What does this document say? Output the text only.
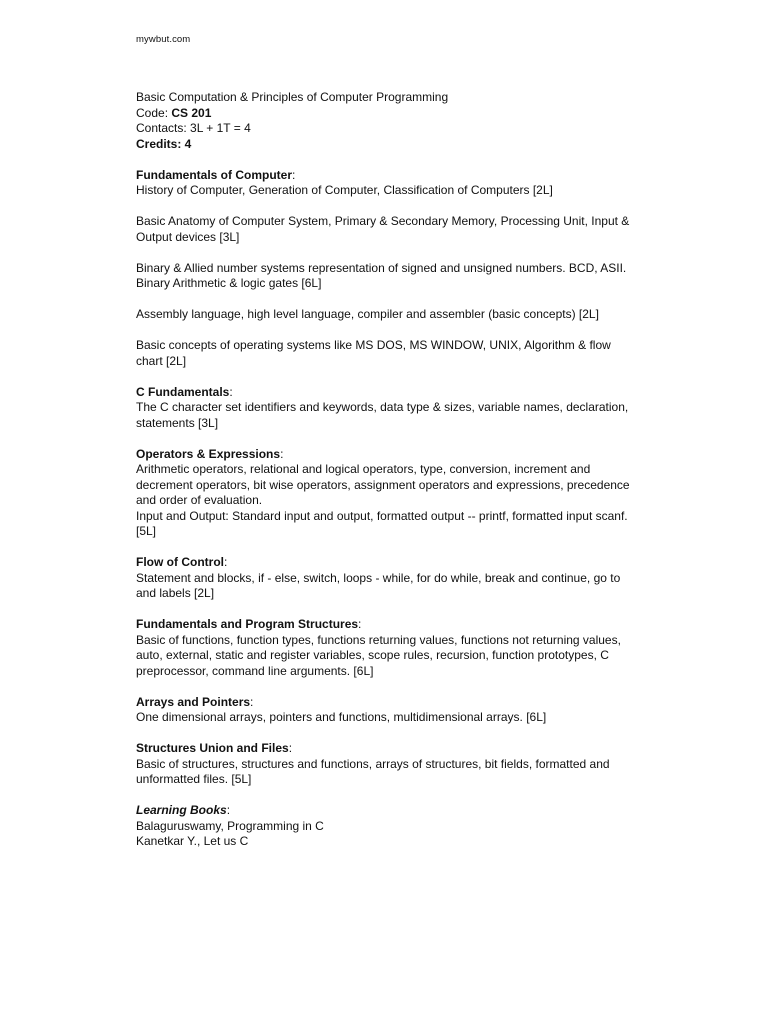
mywbut.com

Basic Computation & Principles of Computer Programming

Code: CS 201

Contacts: 3L + 1T = 4

Credits: 4

Fundamentals of Computer:

History of Computer, Generation of Computer, Classification of Computers [2L]

Basic Anatomy of Computer System, Primary & Secondary Memory, Processing Unit, Input & Output devices [3L]

Binary & Allied number systems representation of signed and unsigned numbers. BCD, ASII. Binary Arithmetic & logic gates [6L]

Assembly language, high level language, compiler and assembler (basic concepts) [2L]

Basic concepts of operating systems like MS DOS, MS WINDOW, UNIX, Algorithm & flow chart [2L]

C Fundamentals:

The C character set identifiers and keywords, data type & sizes, variable names, declaration, statements [3L]

Operators & Expressions:

Arithmetic operators, relational and logical operators, type, conversion, increment and decrement operators, bit wise operators, assignment operators and expressions, precedence and order of evaluation.

Input and Output: Standard input and output, formatted output -- printf, formatted input scanf. [5L]

Flow of Control:

Statement and blocks, if - else, switch, loops - while, for do while, break and continue, go to and labels [2L]

Fundamentals and Program Structures:

Basic of functions, function types, functions returning values, functions not returning values, auto, external, static and register variables, scope rules, recursion, function prototypes, C preprocessor, command line arguments. [6L]

Arrays and Pointers:

One dimensional arrays, pointers and functions, multidimensional arrays. [6L]

Structures Union and Files:

Basic of structures, structures and functions, arrays of structures, bit fields, formatted and unformatted files. [5L]

Learning Books:

Balaguruswamy, Programming in C

Kanetkar Y., Let us C
